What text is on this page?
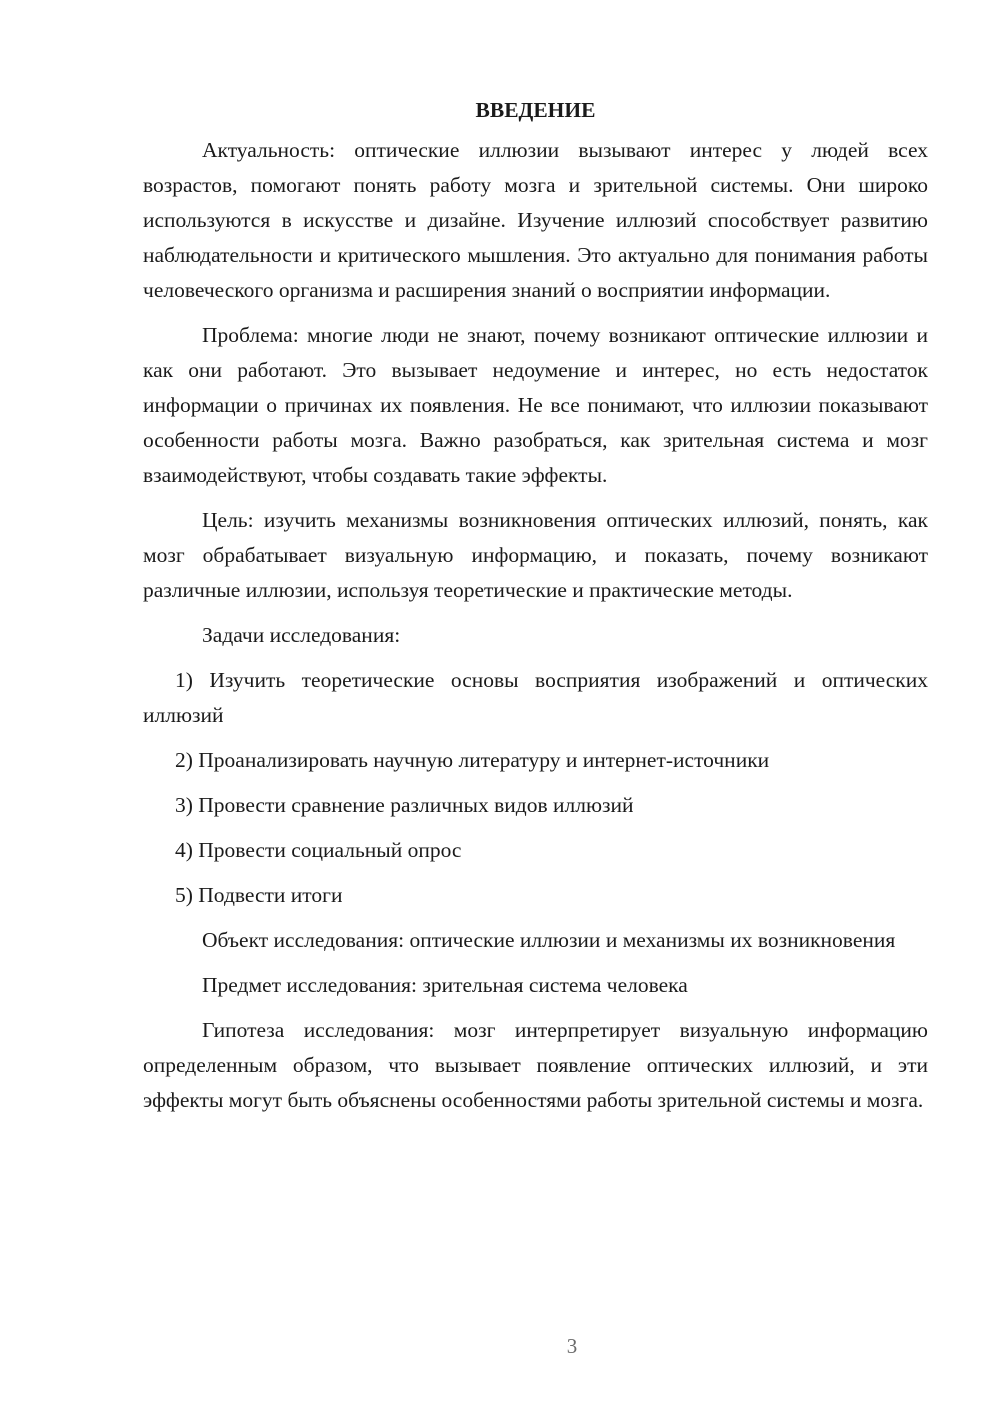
ВВЕДЕНИЕ

Актуальность: оптические иллюзии вызывают интерес у людей всех возрастов, помогают понять работу мозга и зрительной системы. Они широко используются в искусстве и дизайне. Изучение иллюзий способствует развитию наблюдательности и критического мышления. Это актуально для понимания работы человеческого организма и расширения знаний о восприятии информации.

Проблема: многие люди не знают, почему возникают оптические иллюзии и как они работают. Это вызывает недоумение и интерес, но есть недостаток информации о причинах их появления. Не все понимают, что иллюзии показывают особенности работы мозга. Важно разобраться, как зрительная система и мозг взаимодействуют, чтобы создавать такие эффекты.

Цель: изучить механизмы возникновения оптических иллюзий, понять, как мозг обрабатывает визуальную информацию, и показать, почему возникают различные иллюзии, используя теоретические и практические методы.

Задачи исследования:

1) Изучить теоретические основы восприятия изображений и оптических иллюзий

2) Проанализировать научную литературу и интернет-источники

3) Провести сравнение различных видов иллюзий

4) Провести социальный опрос

5) Подвести итоги

Объект исследования: оптические иллюзии и механизмы их возникновения

Предмет исследования: зрительная система человека

Гипотеза исследования: мозг интерпретирует визуальную информацию определенным образом, что вызывает появление оптических иллюзий, и эти эффекты могут быть объяснены особенностями работы зрительной системы и мозга.

3
